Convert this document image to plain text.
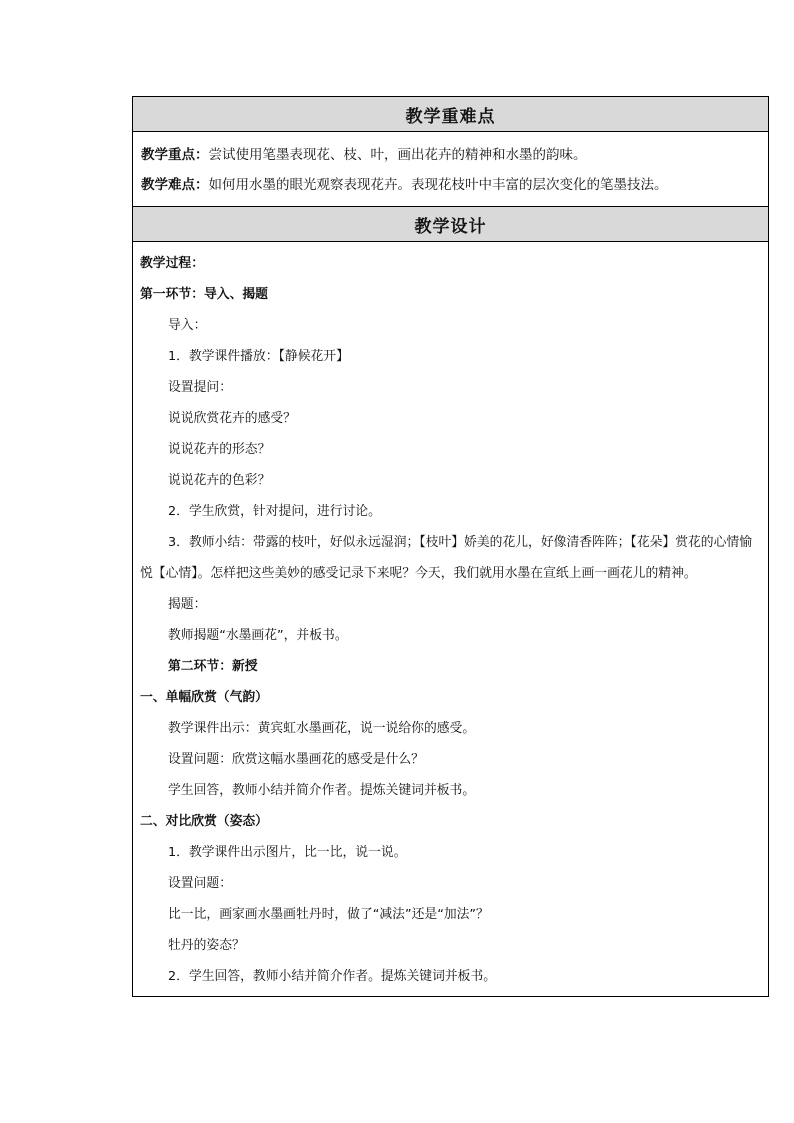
教学重难点
教学重点：尝试使用笔墨表现花、枝、叶，画出花卉的精神和水墨的韵味。
教学难点：如何用水墨的眼光观察表现花卉。表现花枝叶中丰富的层次变化的笔墨技法。
教学设计
教学过程：
第一环节：导入、揭题
导入：
1．教学课件播放：【静候花开】
设置提问：
说说欣赏花卉的感受？
说说花卉的形态？
说说花卉的色彩？
2．学生欣赏，针对提问，进行讨论。
3．教师小结：带露的枝叶，好似永远湿润；【枝叶】娇美的花儿，好像清香阵阵；【花朵】赏花的心情愉悦【心情】。怎样把这些美妙的感受记录下来呢？今天，我们就用水墨在宣纸上画一画花儿的精神。
揭题：
教师揭题“水墨画花”，并板书。
第二环节：新授
一、单幅欣赏（气韵）
教学课件出示：黄宾虹水墨画花，说一说给你的感受。
设置问题：欣赏这幅水墨画花的感受是什么？
学生回答，教师小结并简介作者。提炼关键词并板书。
二、对比欣赏（姿态）
1．教学课件出示图片，比一比，说一说。
设置问题：
比一比，画家画水墨画牡丹时，做了“减法”还是“加法”？
牡丹的姿态？
2．学生回答，教师小结并简介作者。提炼关键词并板书。
